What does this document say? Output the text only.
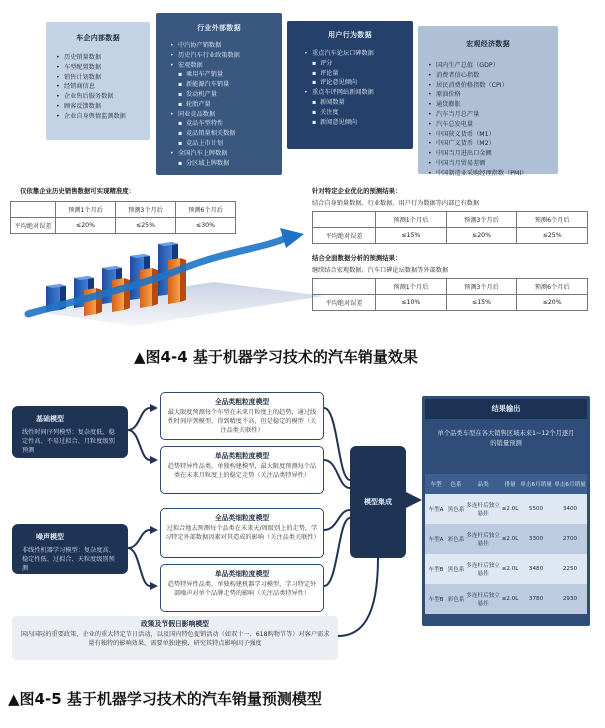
车企内部数据
• 历史销量数据
• 车型配置数据
• 销售计划数据
• 经销商信息
• 企业售后服务数据
• 顾客反馈数据
• 企业自身舆情监测数据
行业外部数据
• 中汽协产销数据
• 历史汽车行业政策数据
• 宏观数据
▪ 乘用车产销量
▪ 新能源汽车销量
▪ 发动机产量
▪ 轮胎产量
• 同业竞品数据
▪ 竞品车型特性
▪ 竞品销量相关数据
▪ 竞品上市计划
• 全国汽车上牌数据
▪ 分区域上牌数据
用户行为数据
• 重点汽车论坛口碑数据
▪ 评分
▪ 评论量
▪ 评论意见倾向
• 重点车评网站新闻数据
▪ 新闻数量
▪ 关注度
▪ 新闻意见倾向
宏观经济数据
• 国内生产总值（GDP）
• 消费者信心指数
• 居民消费价格指数（CPI）
• 原油价格
• 通货膨胀
• 汽车当月总产量
• 汽车总发电量
• 中国狭义货币（M1）
• 中国广义货币（M2）
• 中国当月进出口金额
• 中国当月贸易差额
• 中国制造业采购经理指数（PMI）
仅依靠企业历史销售数据可实现精准度：
	预测1个月后	预测3个月后	预测6个月后
平均绝对误差	≤20%	≤25%	≤30%
针对特定企业优化的预测结果：
结合自身销量数据、行业数据、用户行为数据等内部已有数据
	预测1个月后	预测3个月后	预测6个月后
平均绝对误差	≤15%	≤20%	≤25%
结合全面数据分析的预测结果：
继续结合宏观数据、汽车口碑论坛数据等外部数据
	预测1个月后	预测3个月后	预测6个月后
平均绝对误差	≤10%	≤15%	≤20%
▲图4-4 基于机器学习技术的汽车销量效果
基础模型
线性时间序列模型：复杂度低、稳定性高、不易过拟合、月粒度级别预测
噪声模型
非线性机器学习模型：复杂度高、稳定性低、过拟合、天粒度级别预测
全品类粗粒度模型
最大限度预测每个车型在未来月粒度上的趋势，通过线性时间序列模型，得到精度不高，但是稳定的模型（关注品类关联性）
单品类粗粒度模型
趋势特异性品类，单独构建模型，最大限度预测每个品类在未来月粒度上的稳定走势（关注品类特异性）
全品类细粒度模型
过拟合地去预测每个品类在未来天/周级别上的走势，学习特定外部数据因素对其造成的影响（关注品类关联性）
单品类细粒度模型
趋势特异性品类，单独构建机器学习模型，学习特定外部噪声对单个品牌走势的影响（关注品类特异性）
政策及节假日影响模型
国内国际的重要政策、企业的重大特定节日活动，以及国内特色促销活动（如双十一、618购物节等）对客户需求量有独特的影响效果，需要单独建模，研究其特点影响因子强度
模型集成
结果输出
单个品类车型在各大销售区域未来1~12个月逐月的销量预测
车型	色系	品类	排量	单击6月销量	单击6月销量
车型A	黑色系	多连杆后独立悬挂	≤2.0L	5500	3400
车型A	彩色系	多连杆后独立悬挂	≤2.0L	3300	2700
车型B	黑色系	多连杆后独立悬挂	≤2.0L	3480	2250
车型B	彩色系	多连杆后独立悬挂	≤2.0L	3780	2930
▲图4-5 基于机器学习技术的汽车销量预测模型
